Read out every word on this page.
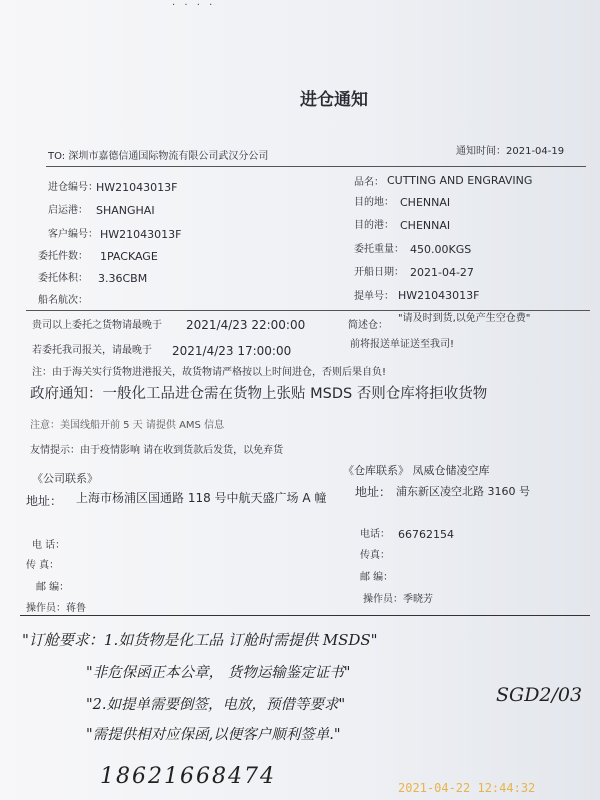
· · · ·
进仓通知
TO: 深圳市嘉德信通国际物流有限公司武汉分公司	通知时间：2021-04-19
进仓编号：
HW21043013F
启运港： SHANGHAI
客户编号： HW21043013F
委托件数： 1PACKAGE
委托体积： 3.36CBM
船名航次：
品名： CUTTING AND ENGRAVING
目的地： CHENNAI
目的港： CHENNAI
委托重量： 450.00KGS
开船日期： 2021-04-27
提单号： HW21043013F
贵司以上委托之货物请最晚于 2021/4/23 22:00:00	简述仓：
"请及时到货,以免产生空仓费"
若委托我司报关，请最晚于 2021/4/23 17:00:00	前将报送单证送至我司!
注：由于海关实行货物进港报关，故货物请严格按以上时间进仓，否则后果自负!
政府通知：一般化工品进仓需在货物上张贴 MSDS 否则仓库将拒收货物
注意：美国线船开前 5 天 请提供 AMS 信息
友情提示：由于疫情影响 请在收到货款后发货，以免弃货
《公司联系》
地址： 上海市杨浦区国通路 118 号中航天盛广场 A 幢
电 话：
传 真：
邮 编：
操作员：蒋鲁
《仓库联系》 凤威仓储凌空库
地址： 浦东新区凌空北路 3160 号
电话： 66762154
传真：
邮 编：
操作员：季晓芳
"订舱要求：1.如货物是化工品 订舱时需提供 MSDS"
"非危保函正本公章， 货物运输鉴定证书"
"2.如提单需要倒签，电放，预借等要求"
"需提供相对应保函,以便客户顺利签单."
SGD2/03
18621668474	2021-04-22 12:44:32
